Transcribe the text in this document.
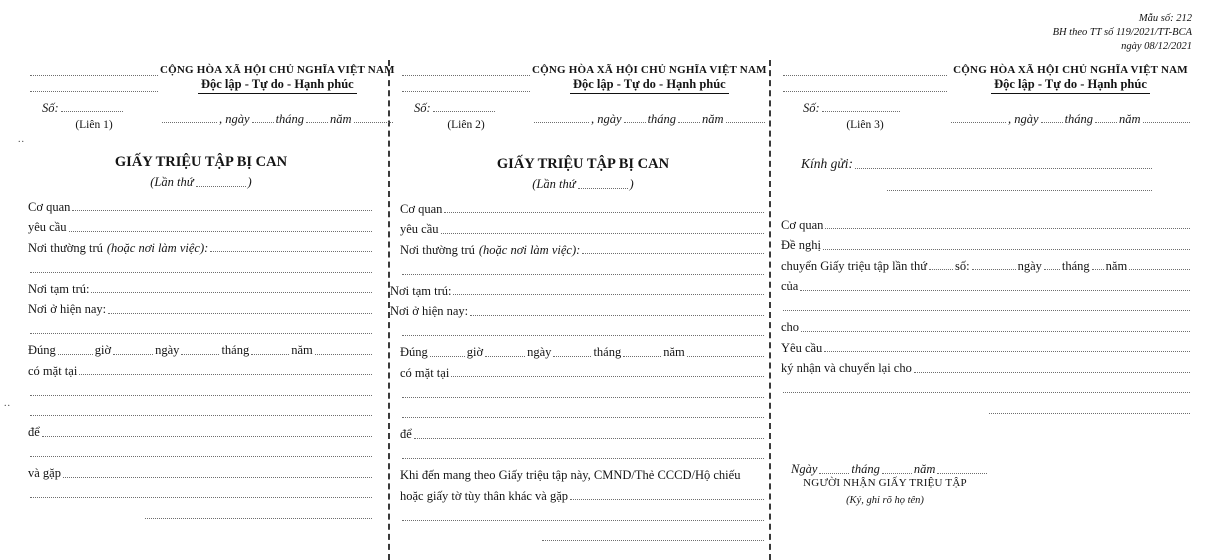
Mẫu số: 212
BH theo TT số 119/2021/TT-BCA
ngày 08/12/2021
..
..
Số:
(Liên 1)
CỘNG HÒA XÃ HỘI CHỦ NGHĨA VIỆT NAM
Độc lập - Tự do - Hạnh phúc
, ngày tháng năm
GIẤY TRIỆU TẬP BỊ CAN
(Lần thứ	)
Cơ quan
yêu cầu
Nơi thường trú (hoặc nơi làm việc):
Nơi tạm trú:
Nơi ở hiện nay:
Đúng	giờ	ngày	tháng	năm
có mặt tại
để
và gặp
Số:
(Liên 2)
CỘNG HÒA XÃ HỘI CHỦ NGHĨA VIỆT NAM
Độc lập - Tự do - Hạnh phúc
, ngày tháng năm
GIẤY TRIỆU TẬP BỊ CAN
(Lần thứ	)
Cơ quan
yêu cầu
Nơi thường trú (hoặc nơi làm việc):
Nơi tạm trú:
Nơi ở hiện nay:
Đúng	giờ	ngày	tháng	năm
có mặt tại
để
Khi đến mang theo Giấy triệu tập này, CMND/Thẻ CCCD/Hộ chiếu
hoặc giấy tờ tùy thân khác và gặp
Số:
(Liên 3)
CỘNG HÒA XÃ HỘI CHỦ NGHĨA VIỆT NAM
Độc lập - Tự do - Hạnh phúc
, ngày tháng năm
Kính gửi:
Cơ quan
Đề nghị
chuyển Giấy triệu tập lần thứ số:	ngày tháng năm
của
cho
Yêu cầu
ký nhận và chuyển lại cho
Ngày	tháng	năm
NGƯỜI NHẬN GIẤY TRIỆU TẬP
(Ký, ghi rõ họ tên)
